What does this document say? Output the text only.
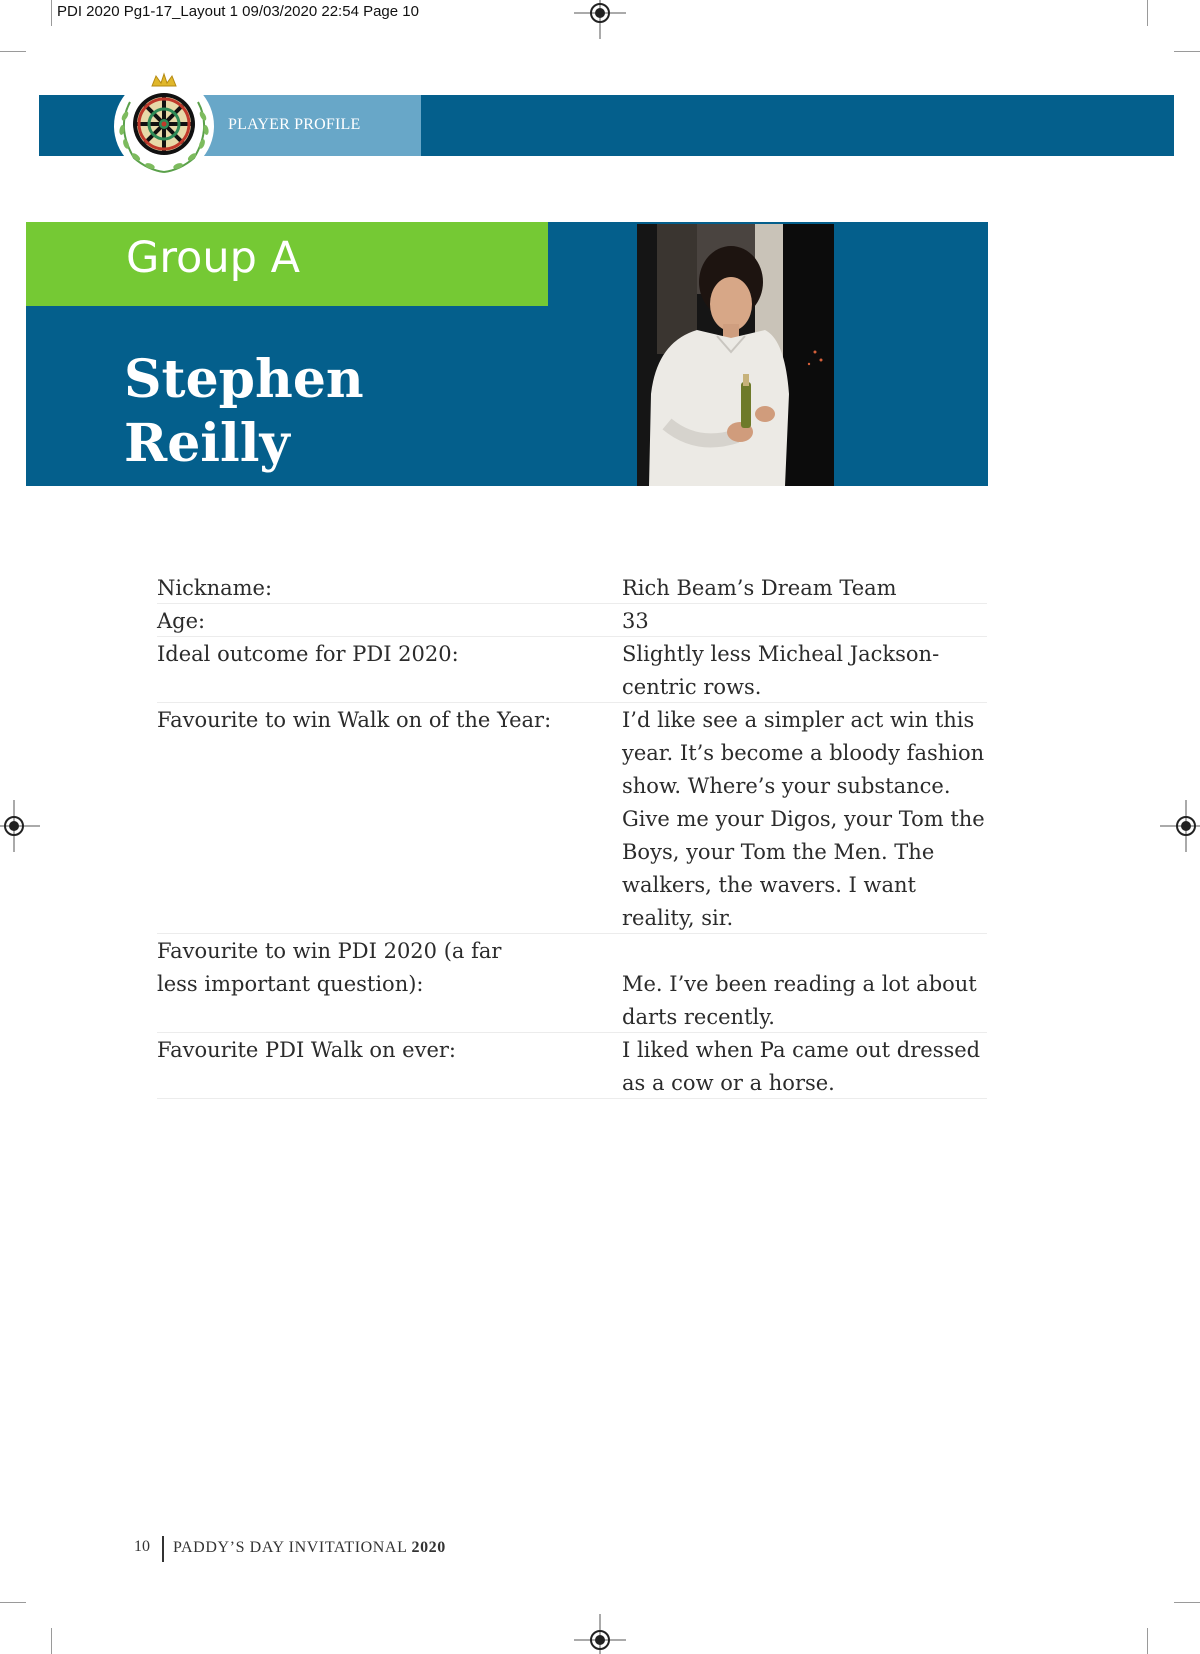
PDI 2020 Pg1-17_Layout 1 09/03/2020 22:54 Page 10
PLAYER PROFILE
Group A
Stephen
Reilly
Nickname:	Rich Beam’s Dream Team
Age:	33
Ideal outcome for PDI 2020:	Slightly less Micheal Jackson-centric rows.
Favourite to win Walk on of the Year:	I’d like see a simpler act win this year. It’s become a bloody fashion show. Where’s your substance. Give me your Digos, your Tom the Boys, your Tom the Men. The walkers, the wavers. I want reality, sir.
Favourite to win PDI 2020 (a far less important question):	Me. I’ve been reading a lot about darts recently.
Favourite PDI Walk on ever:	I liked when Pa came out dressed as a cow or a horse.
10 PADDY’S DAY INVITATIONAL 2020
